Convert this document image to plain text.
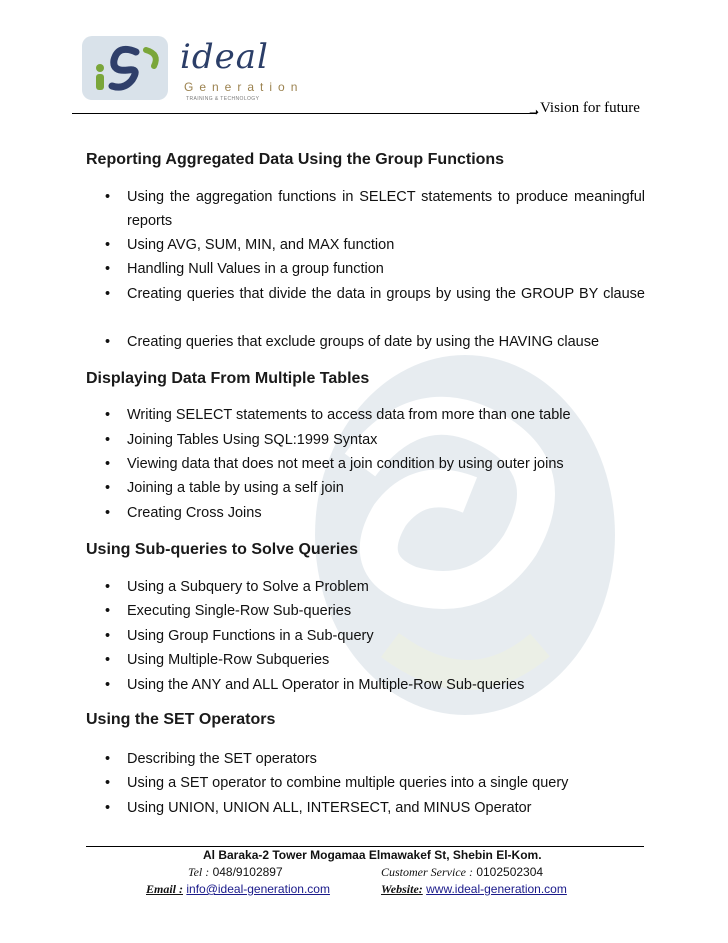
ideal
Generation
TRAINING & TECHNOLOGY
➝ Vision for future
Reporting Aggregated Data Using the Group Functions
•	Using the aggregation functions in SELECT statements to produce meaningful reports
•	Using AVG, SUM, MIN, and MAX function
•	Handling Null Values in a group function
•	Creating queries that divide the data in groups by using the GROUP BY clause
•	Creating queries that exclude groups of date by using the HAVING clause
Displaying Data From Multiple Tables
•	Writing SELECT statements to access data from more than one table
•	Joining Tables Using SQL:1999 Syntax
•	Viewing data that does not meet a join condition by using outer joins
•	Joining a table by using a self join
•	Creating Cross Joins
Using Sub-queries to Solve Queries
•	Using a Subquery to Solve a Problem
•	Executing Single-Row Sub-queries
•	Using Group Functions in a Sub-query
•	Using Multiple-Row Subqueries
•	Using the ANY and ALL Operator in Multiple-Row Sub-queries
Using the SET Operators
•	Describing the SET operators
•	Using a SET operator to combine multiple queries into a single query
•	Using UNION, UNION ALL, INTERSECT, and MINUS Operator
Al Baraka-2 Tower Mogamaa Elmawakef St, Shebin El-Kom.
Tel : 048/9102897	Customer Service : 0102502304
Email : info@ideal-generation.com	Website: www.ideal-generation.com
